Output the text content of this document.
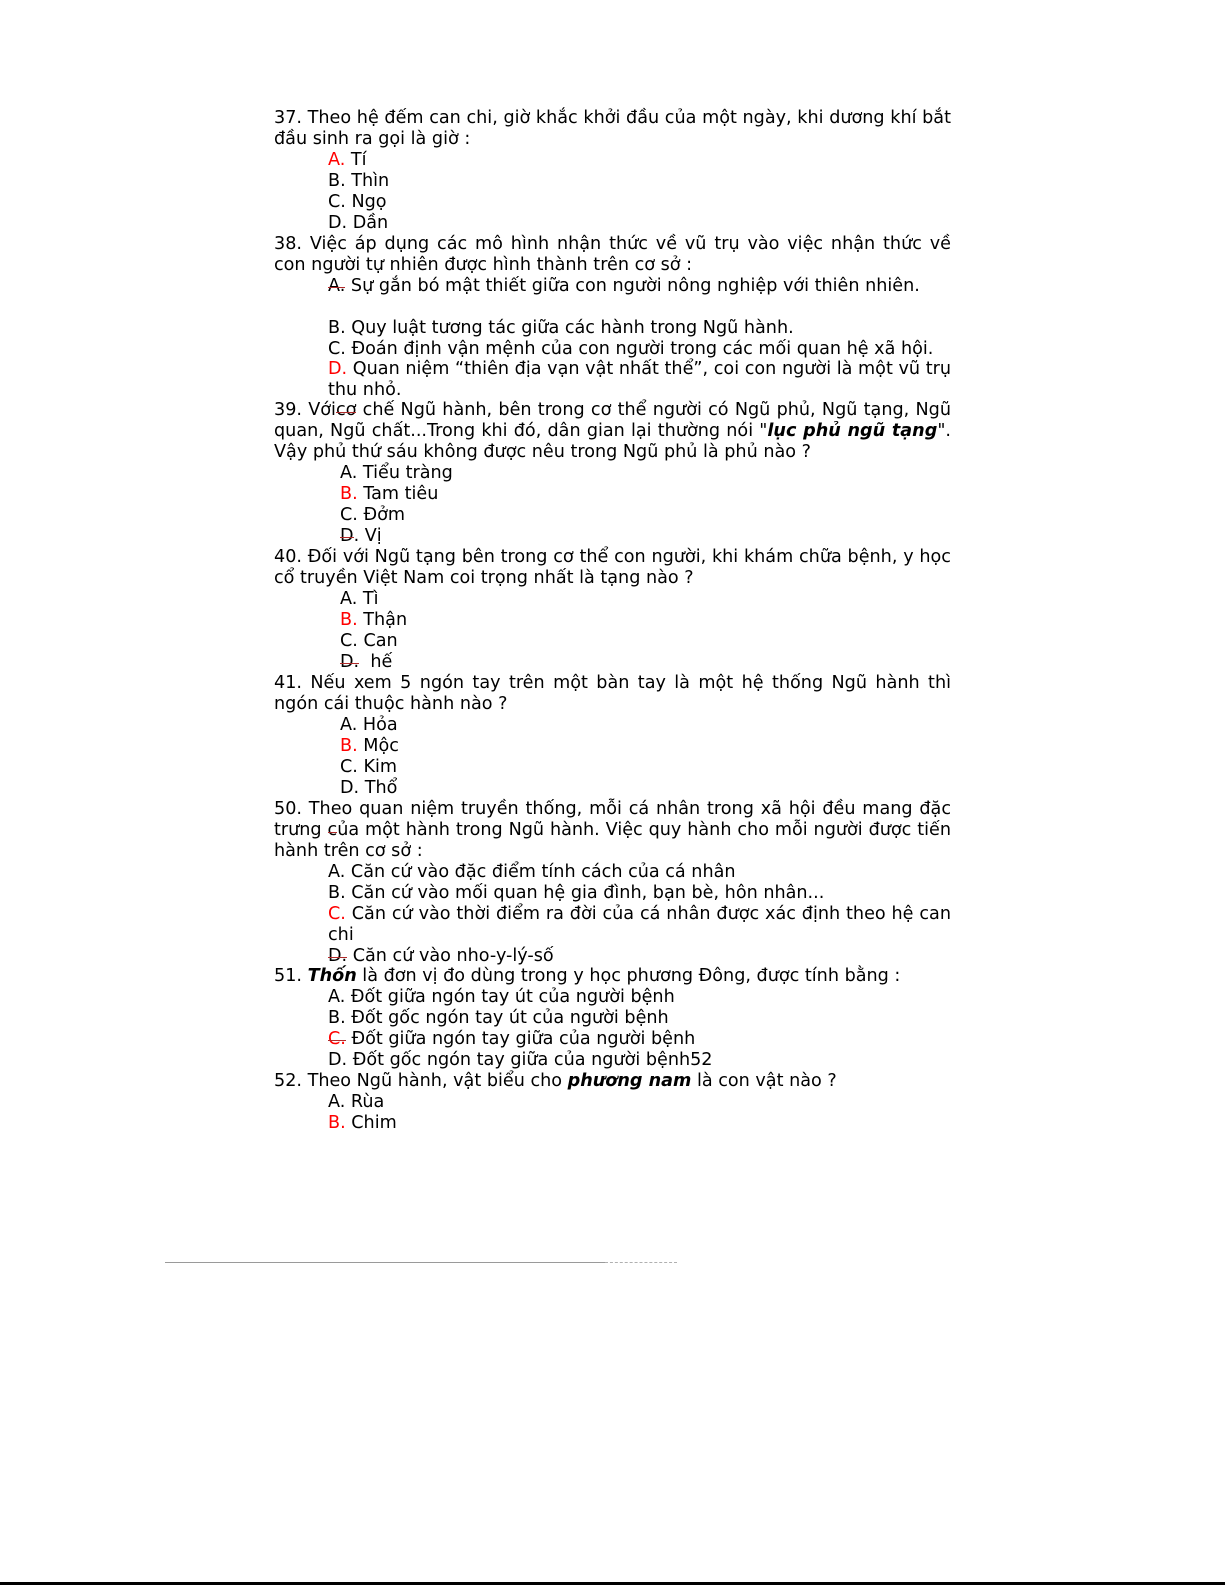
37. Theo hệ đếm can chi, giờ khắc khởi đầu của một ngày, khi dương khí bắt đầu sinh ra gọi là giờ :
A. Tí
B. Thìn
C. Ngọ
D. Dần
38. Việc áp dụng các mô hình nhận thức về vũ trụ vào việc nhận thức về con người tự nhiên được hình thành trên cơ sở :
A. Sự gắn bó mật thiết giữa con người nông nghiệp với thiên nhiên.
B. Quy luật tương tác giữa các hành trong Ngũ hành.
C. Đoán định vận mệnh của con người trong các mối quan hệ xã hội.
D. Quan niệm “thiên địa vạn vật nhất thể”, coi con người là một vũ trụ thu nhỏ.
39. Vớicơ chế Ngũ hành, bên trong cơ thể người có Ngũ phủ, Ngũ tạng, Ngũ quan, Ngũ chất...Trong khi đó, dân gian lại thường nói "lục phủ ngũ tạng". Vậy phủ thứ sáu không được nêu trong Ngũ phủ là phủ nào ?
A. Tiểu tràng
B. Tam tiêu
C. Đởm
D. Vị
40. Đối với Ngũ tạng bên trong cơ thể con người, khi khám chữa bệnh, y học cổ truyền Việt Nam coi trọng nhất là tạng nào ?
A. Tì
B. Thận
C. Can
D.  hế
41. Nếu xem 5 ngón tay trên một bàn tay là một hệ thống Ngũ hành thì ngón cái thuộc hành nào ?
A. Hỏa
B. Mộc
C. Kim
D. Thổ
50. Theo quan niệm truyền thống, mỗi cá nhân trong xã hội đều mang đặc trưng của một hành trong Ngũ hành. Việc quy hành cho mỗi người được tiến hành trên cơ sở :
A. Căn cứ vào đặc điểm tính cách của cá nhân
B. Căn cứ vào mối quan hệ gia đình, bạn bè, hôn nhân...
C. Căn cứ vào thời điểm ra đời của cá nhân được xác định theo hệ can chi
D. Căn cứ vào nho-y-lý-số
51. Thốn là đơn vị đo dùng trong y học phương Đông, được tính bằng :
A. Đốt giữa ngón tay út của người bệnh
B. Đốt gốc ngón tay út của người bệnh
C. Đốt giữa ngón tay giữa của người bệnh
D. Đốt gốc ngón tay giữa của người bệnh52
52. Theo Ngũ hành, vật biểu cho phương nam là con vật nào ?
A. Rùa
B. Chim
